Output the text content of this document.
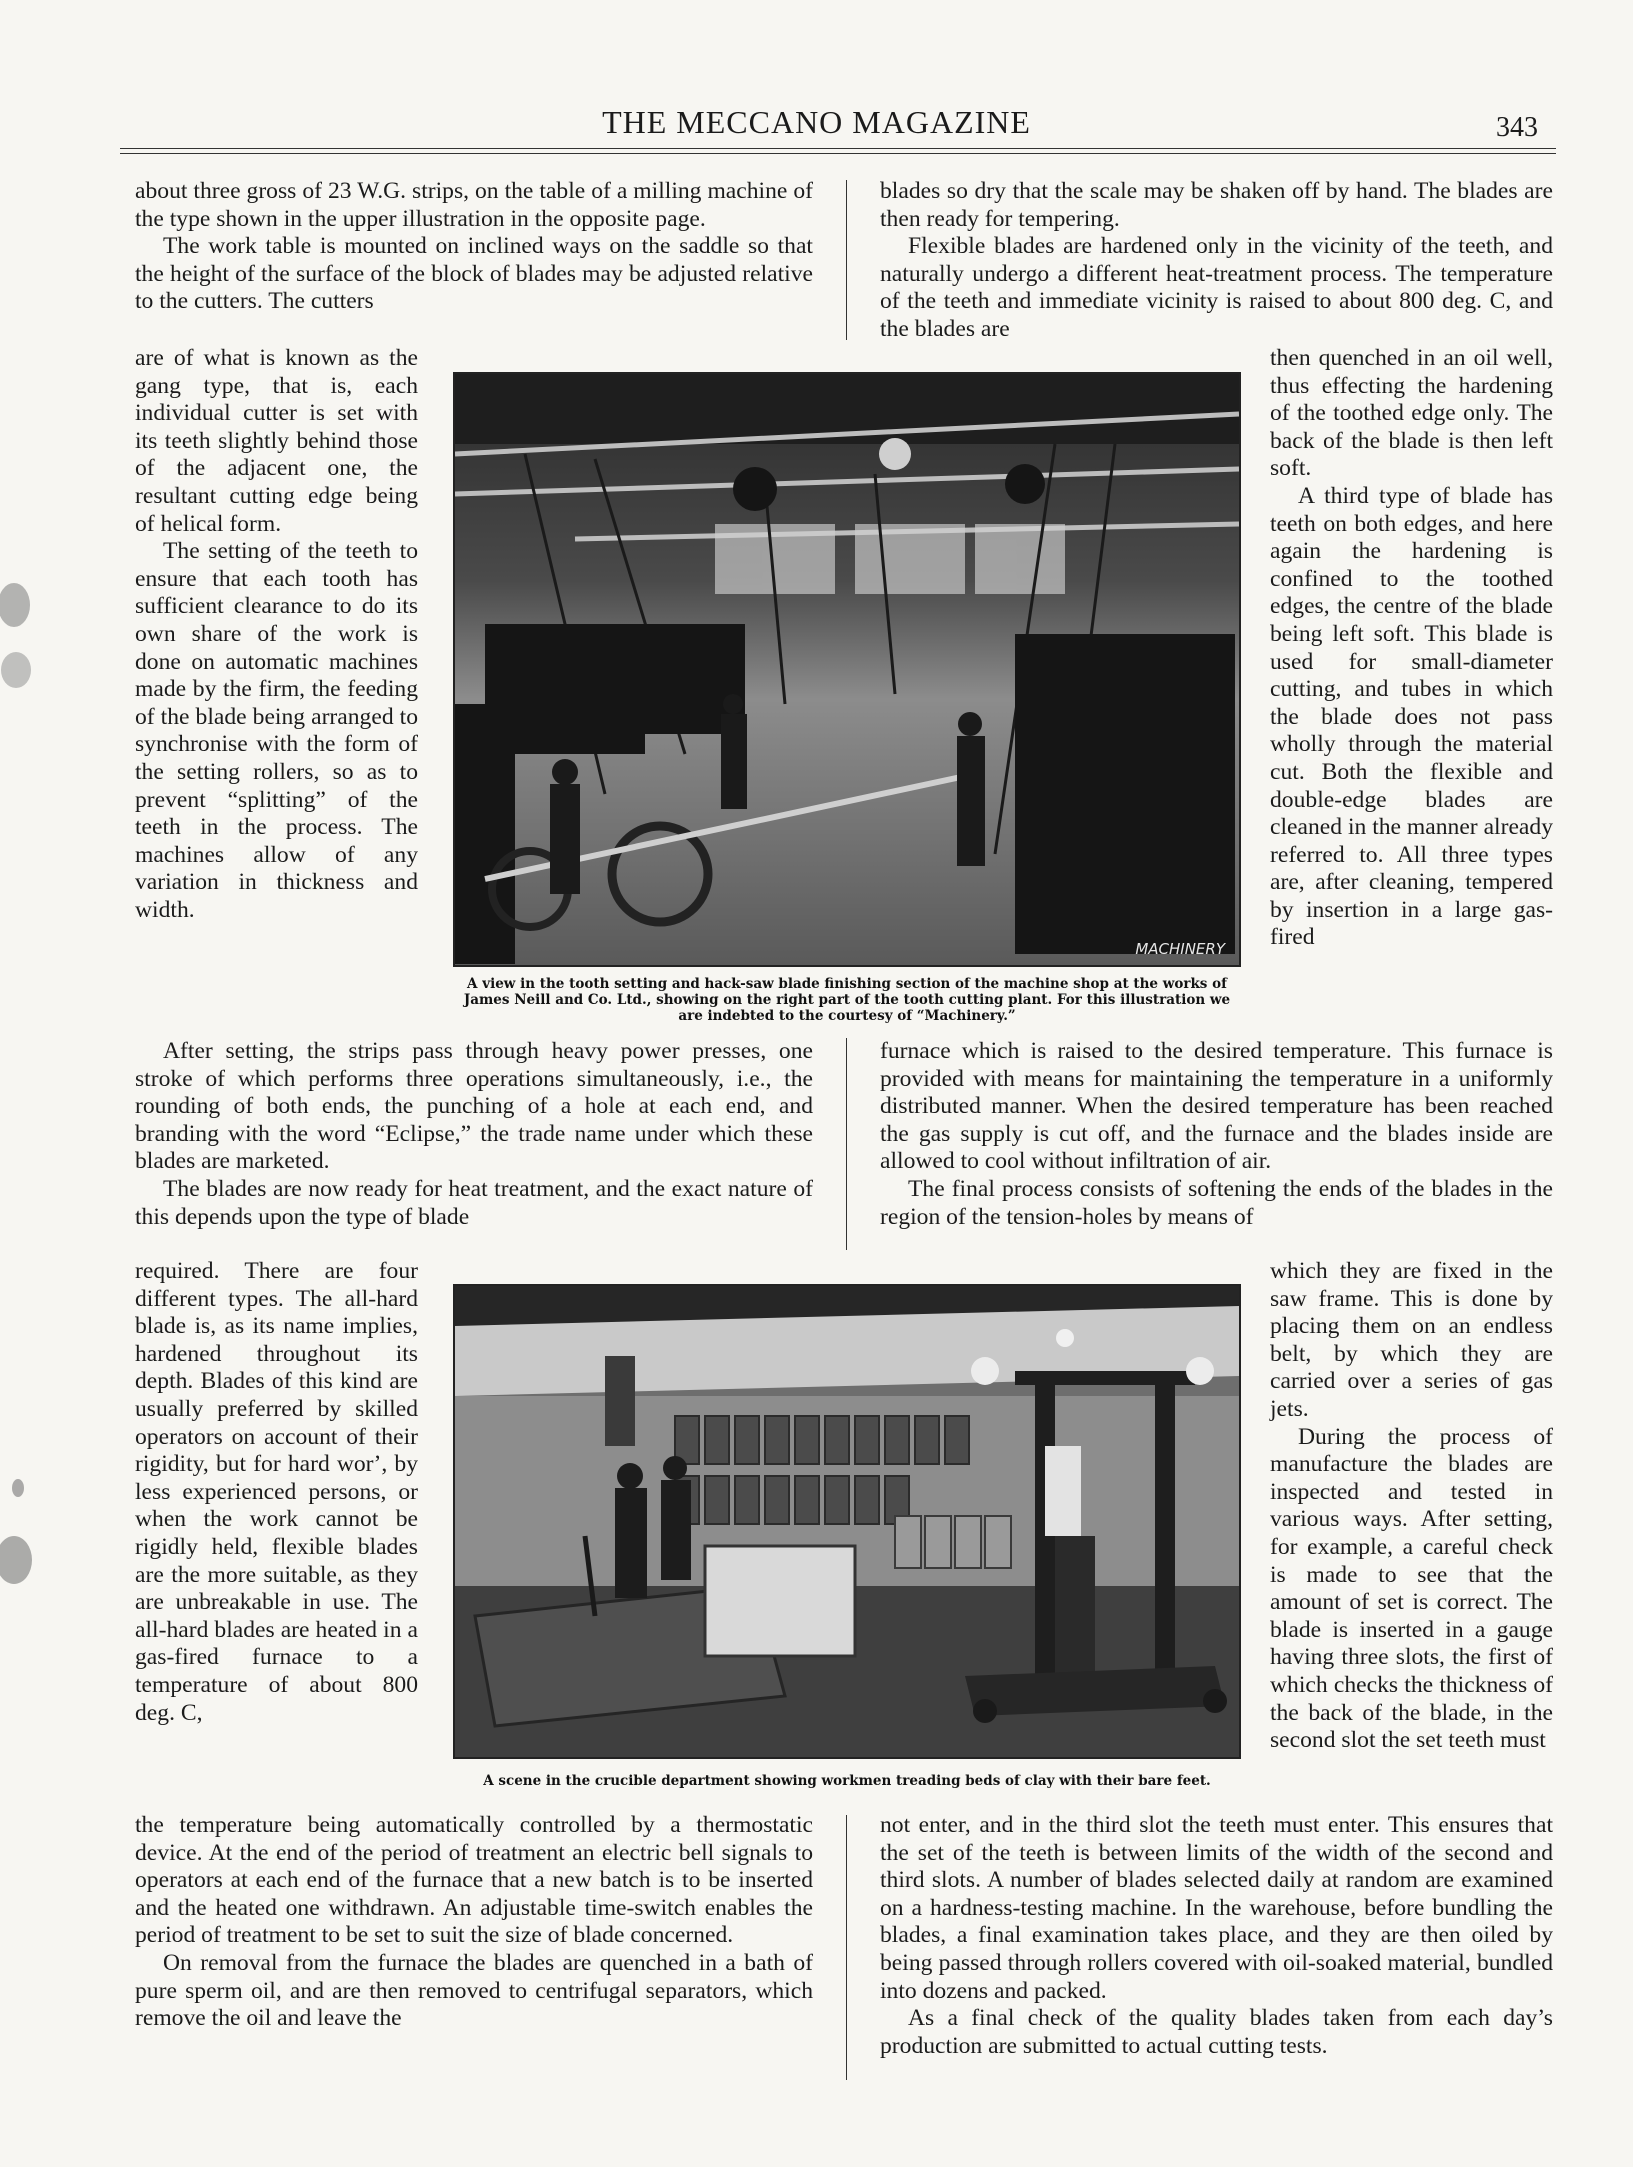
THE MECCANO MAGAZINE	343

about three gross of 23 W.G. strips, on the table of a milling machine of the type shown in the upper illustration in the opposite page.

The work table is mounted on inclined ways on the saddle so that the height of the surface of the block of blades may be adjusted relative to the cutters. The cutters

are of what is known as the gang type, that is, each individual cutter is set with its teeth slightly behind those of the adjacent one, the resultant cutting edge being of helical form.

The setting of the teeth to ensure that each tooth has sufficient clearance to do its own share of the work is done on automatic machines made by the firm, the feeding of the blade being arranged to synchronise with the form of the setting rollers, so as to prevent “splitting” of the teeth in the process. The machines allow of any variation in thickness and width.

After setting, the strips pass through heavy power presses, one stroke of which performs three operations simultaneously, i.e., the rounding of both ends, the punching of a hole at each end, and branding with the word “Eclipse,” the trade name under which these blades are marketed.

The blades are now ready for heat treatment, and the exact nature of this depends upon the type of blade

required. There are four different types. The all-hard blade is, as its name implies, hardened throughout its depth. Blades of this kind are usually preferred by skilled operators on account of their rigidity, but for hard worʼ, by less experienced persons, or when the work cannot be rigidly held, flexible blades are the more suitable, as they are unbreakable in use. The all-hard blades are heated in a gas-fired furnace to a temperature of about 800 deg. C,

the temperature being automatically controlled by a thermostatic device. At the end of the period of treatment an electric bell signals to operators at each end of the furnace that a new batch is to be inserted and the heated one withdrawn. An adjustable time-switch enables the period of treatment to be set to suit the size of blade concerned.

On removal from the furnace the blades are quenched in a bath of pure sperm oil, and are then removed to centrifugal separators, which remove the oil and leave the

blades so dry that the scale may be shaken off by hand. The blades are then ready for tempering.

Flexible blades are hardened only in the vicinity of the teeth, and naturally undergo a different heat-treatment process. The temperature of the teeth and immediate vicinity is raised to about 800 deg. C, and the blades are

then quenched in an oil well, thus effecting the hardening of the toothed edge only. The back of the blade is then left soft.

A third type of blade has teeth on both edges, and here again the hardening is confined to the toothed edges, the centre of the blade being left soft. This blade is used for small-diameter cutting, and tubes in which the blade does not pass wholly through the material cut. Both the flexible and double-edge blades are cleaned in the manner already referred to. All three types are, after cleaning, tempered by insertion in a large gas-fired

furnace which is raised to the desired temperature. This furnace is provided with means for maintaining the temperature in a uniformly distributed manner. When the desired temperature has been reached the gas supply is cut off, and the furnace and the blades inside are allowed to cool without infiltration of air.

The final process consists of softening the ends of the blades in the region of the tension-holes by means of

which they are fixed in the saw frame. This is done by placing them on an endless belt, by which they are carried over a series of gas jets.

During the process of manufacture the blades are inspected and tested in various ways. After setting, for example, a careful check is made to see that the amount of set is correct. The blade is inserted in a gauge having three slots, the first of which checks the thickness of the back of the blade, in the second slot the set teeth must

not enter, and in the third slot the teeth must enter. This ensures that the set of the teeth is between limits of the width of the second and third slots. A number of blades selected daily at random are examined on a hardness-testing machine. In the warehouse, before bundling the blades, a final examination takes place, and they are then oiled by being passed through rollers covered with oil-soaked material, bundled into dozens and packed.

As a final check of the quality blades taken from each day’s production are submitted to actual cutting tests.

MACHINERY
A view in the tooth setting and hack-saw blade finishing section of the machine shop at the works of James Neill and Co. Ltd., showing on the right part of the tooth cutting plant. For this illustration we are indebted to the courtesy of “Machinery.”
A scene in the crucible department showing workmen treading beds of clay with their bare feet.
